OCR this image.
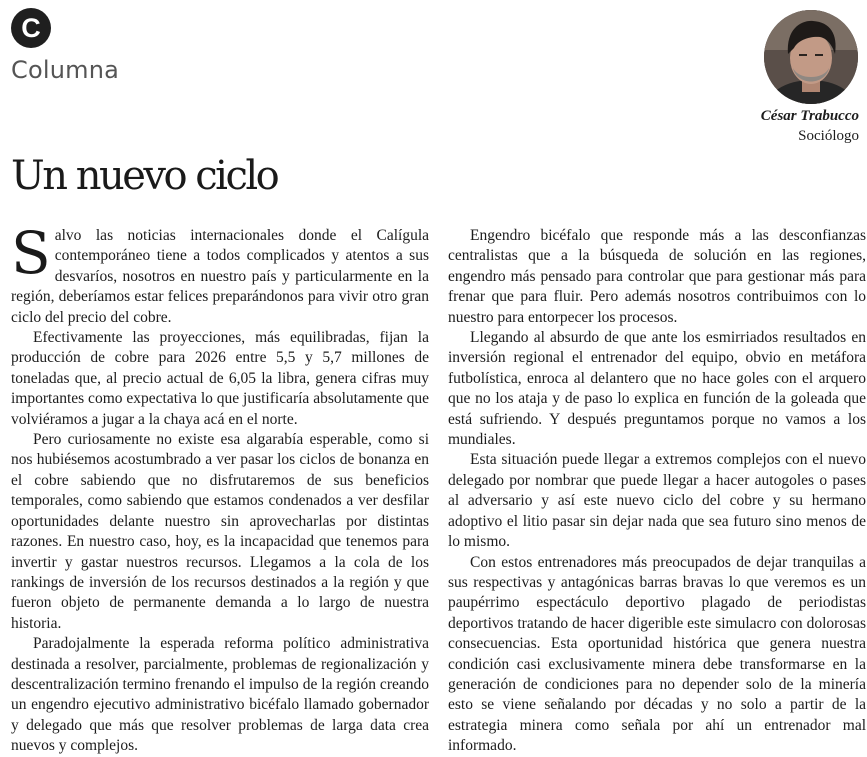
C
Columna
César Trabucco
Sociólogo
Un nuevo ciclo

Salvo las noticias internacionales donde el Calígula contemporáneo tiene a todos complicados y atentos a sus desvaríos, nosotros en nuestro país y particularmente en la región, deberíamos estar felices preparándonos para vivir otro gran ciclo del precio del cobre.

Efectivamente las proyecciones, más equilibradas, fijan la producción de cobre para 2026 entre 5,5 y 5,7 millones de toneladas que, al precio actual de 6,05 la libra, genera cifras muy importantes como expectativa lo que justificaría absolutamente que volviéramos a jugar a la chaya acá en el norte.

Pero curiosamente no existe esa algarabía esperable, como si nos hubiésemos acostumbrado a ver pasar los ciclos de bonanza en el cobre sabiendo que no disfrutaremos de sus beneficios temporales, como sabiendo que estamos condenados a ver desfilar oportunidades delante nuestro sin aprovecharlas por distintas razones. En nuestro caso, hoy, es la incapacidad que tenemos para invertir y gastar nuestros recursos. Llegamos a la cola de los rankings de inversión de los recursos destinados a la región y que fueron objeto de permanente demanda a lo largo de nuestra historia.

Paradojalmente la esperada reforma político administrativa destinada a resolver, parcialmente, problemas de regionalización y descentralización termino frenando el impulso de la región creando un engendro ejecutivo administrativo bicéfalo llamado gobernador y delegado que más que resolver problemas de larga data crea nuevos y complejos.

Engendro bicéfalo que responde más a las desconfianzas centralistas que a la búsqueda de solución en las regiones, engendro más pensado para controlar que para gestionar más para frenar que para fluir. Pero además nosotros contribuimos con lo nuestro para entorpecer los procesos.

Llegando al absurdo de que ante los esmirriados resultados en inversión regional el entrenador del equipo, obvio en metáfora futbolística, enroca al delantero que no hace goles con el arquero que no los ataja y de paso lo explica en función de la goleada que está sufriendo. Y después preguntamos porque no vamos a los mundiales.

Esta situación puede llegar a extremos complejos con el nuevo delegado por nombrar que puede llegar a hacer autogoles o pases al adversario y así este nuevo ciclo del cobre y su hermano adoptivo el litio pasar sin dejar nada que sea futuro sino menos de lo mismo.

Con estos entrenadores más preocupados de dejar tranquilas a sus respectivas y antagónicas barras bravas lo que veremos es un paupérrimo espectáculo deportivo plagado de periodistas deportivos tratando de hacer digerible este simulacro con dolorosas consecuencias. Esta oportunidad histórica que genera nuestra condición casi exclusivamente minera debe transformarse en la generación de condiciones para no depender solo de la minería esto se viene señalando por décadas y no solo a partir de la estrategia minera como señala por ahí un entrenador mal informado.
